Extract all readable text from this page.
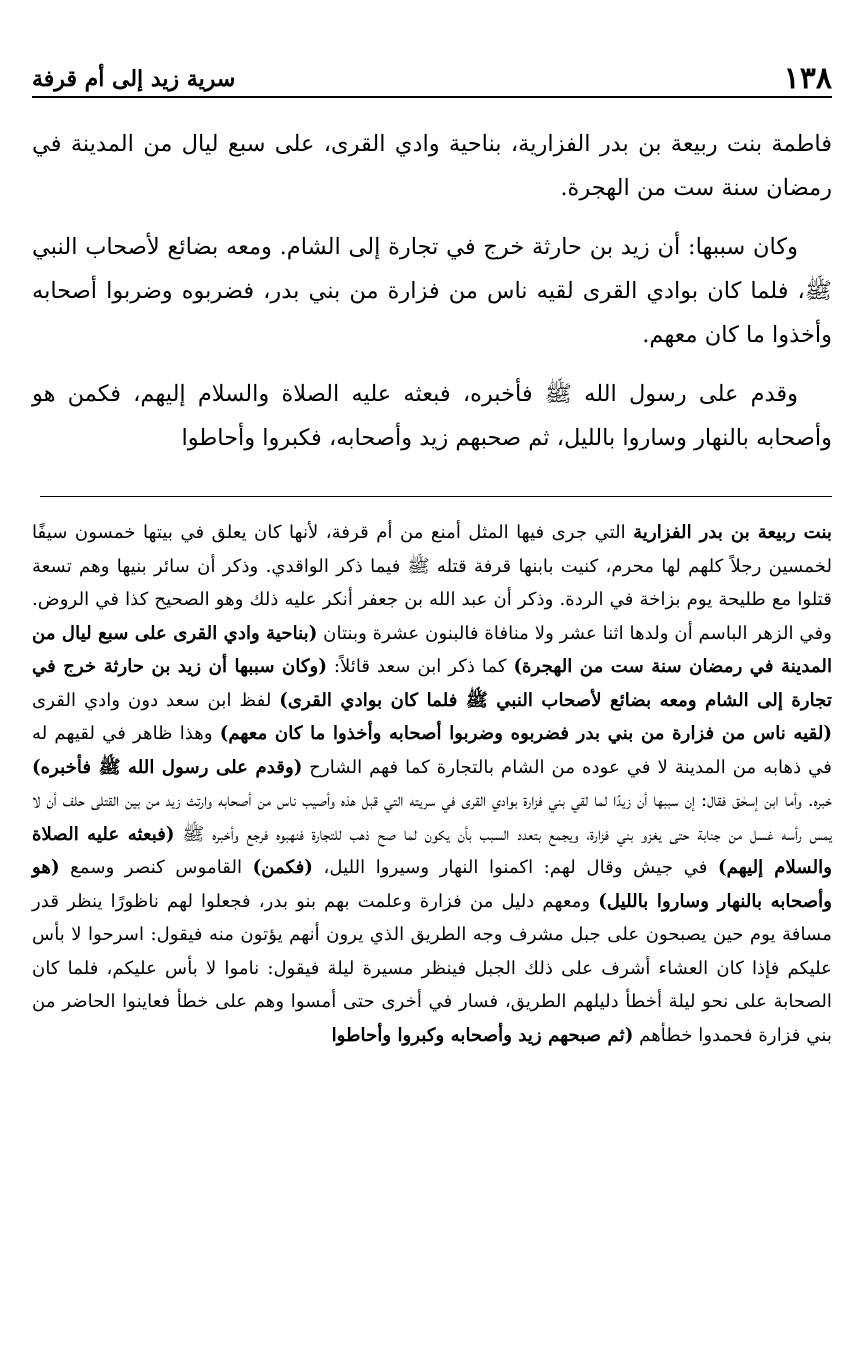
١٣٨
سرية زيد إلى أم قرفة

فاطمة بنت ربيعة بن بدر الفزارية، بناحية وادي القرى، على سبع ليال من المدينة في رمضان سنة ست من الهجرة.

وكان سببها: أن زيد بن حارثة خرج في تجارة إلى الشام. ومعه بضائع لأصحاب النبي ﷺ، فلما كان بوادي القرى لقيه ناس من فزارة من بني بدر، فضربوه وضربوا أصحابه وأخذوا ما كان معهم.

وقدم على رسول الله ﷺ فأخبره، فبعثه عليه الصلاة والسلام إليهم، فكمن هو وأصحابه بالنهار وساروا بالليل، ثم صحبهم زيد وأصحابه، فكبروا وأحاطوا

بنت ربيعة بن بدر الفزارية التي جرى فيها المثل أمنع من أم قرفة، لأنها كان يعلق في بيتها خمسون سيفًا لخمسين رجلاً كلهم لها محرم، كنيت بابنها قرفة قتله ﷺ فيما ذكر الواقدي. وذكر أن سائر بنيها وهم تسعة قتلوا مع طليحة يوم بزاخة في الردة. وذكر أن عبد الله بن جعفر أنكر عليه ذلك وهو الصحيح كذا في الروض. وفي الزهر الباسم أن ولدها اثنا عشر ولا منافاة فالبنون عشرة وبنتان (بناحية وادي القرى على سبع ليال من المدينة في رمضان سنة ست من الهجرة) كما ذكر ابن سعد قائلاً: (وكان سببها أن زيد بن حارثة خرج في تجارة إلى الشام ومعه بضائع لأصحاب النبي ﷺ فلما كان بوادي القرى) لفظ ابن سعد دون وادي القرى (لقيه ناس من فزارة من بني بدر فضربوه وضربوا أصحابه وأخذوا ما كان معهم) وهذا ظاهر في لقيهم له في ذهابه من المدينة لا في عوده من الشام بالتجارة كما فهم الشارح (وقدم على رسول الله ﷺ فأخبره) خبره. وأما ابن إسحٰق فقال: إن سببها أن زيدًا لما لقي بني فزارة بوادي القرى في سريته التي قبل هذه وأصيب ناس من أصحابه وارتث زيد من بين القتلى حلف أن لا يمس رأسه غسل من جنابة حتى يغزو بني فزارة، ويجمع بتعدد السبب بأن يكون لما صح ذهب للتجارة فنهبوه فرجع وأخبره ﷺ (فبعثه عليه الصلاة والسلام إليهم) في جيش وقال لهم: اكمنوا النهار وسيروا الليل، (فكمن) القاموس كنصر وسمع (هو وأصحابه بالنهار وساروا بالليل) ومعهم دليل من فزارة وعلمت بهم بنو بدر، فجعلوا لهم ناظورًا ينظر قدر مسافة يوم حين يصبحون على جبل مشرف وجه الطريق الذي يرون أنهم يؤتون منه فيقول: اسرحوا لا بأس عليكم فإذا كان العشاء أشرف على ذلك الجبل فينظر مسيرة ليلة فيقول: ناموا لا بأس عليكم، فلما كان الصحابة على نحو ليلة أخطأ دليلهم الطريق، فسار في أخرى حتى أمسوا وهم على خطأ فعاينوا الحاضر من بني فزارة فحمدوا خطأهم (ثم صبحهم زيد وأصحابه وكبروا وأحاطوا
